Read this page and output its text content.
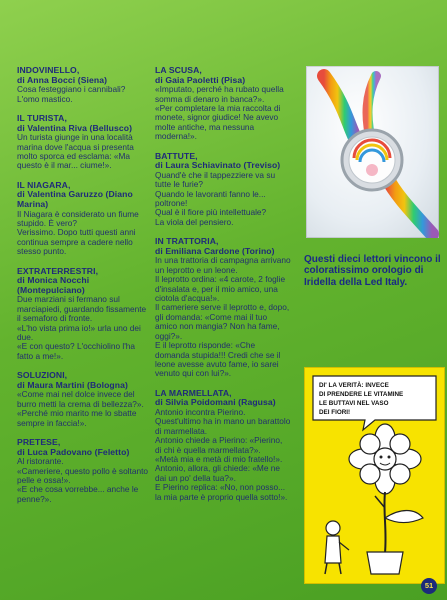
INDOVINELLO,
di Anna Bocci (Siena)

Cosa festeggiano i cannibali? L'omo mastico.

IL TURISTA,
di Valentina Riva (Bellusco)

Un turista giunge in una località marina dove l'acqua si presenta molto sporca ed esclama: «Ma questo è il mar... ciume!».

IL NIAGARA,
di Valentina Garuzzo (Diano Marina)

Il Niagara è considerato un fiume stupido. È vero?

Verissimo. Dopo tutti questi anni continua sempre a cadere nello stesso punto.

EXTRATERRESTRI,
di Monica Nocchi (Montepulciano)

Due marziani si fermano sul marciapiedi, guardando fissamente il semaforo di fronte.

«L'ho vista prima io!» urla uno dei due.

«E con questo? L'occhiolino l'ha fatto a me!».

SOLUZIONI,
di Maura Martini (Bologna)

«Come mai nel dolce invece del burro metti la crema di bellezza?».

«Perché mio marito me lo sbatte sempre in faccia!».

PRETESE,
di Luca Padovano (Feletto)

Al ristorante.

«Cameriere, questo pollo è soltanto pelle e ossa!».

«E che cosa vorrebbe... anche le penne?».

LA SCUSA,
di Gaia Paoletti (Pisa)

«Imputato, perché ha rubato quella somma di denaro in banca?».

«Per completare la mia raccolta di monete, signor giudice! Ne avevo molte antiche, ma nessuna moderna!».

BATTUTE,
di Laura Schiavinato (Treviso)

Quand'è che il tappezziere va su tutte le furie?

Quando le lavoranti fanno le... poltrone!

Qual è il fiore più intellettuale?

La viola del pensiero.

IN TRATTORIA,
di Emiliana Cardone (Torino)

In una trattoria di campagna arrivano un leprotto e un leone.

Il leprotto ordina: «4 carote, 2 foglie d'insalata e, per il mio amico, una ciotola d'acqua!».

Il cameriere serve il leprotto e, dopo, gli domanda: «Come mai il tuo amico non mangia? Non ha fame, oggi?».

E il leprotto risponde: «Che domanda stupida!!! Credi che se il leone avesse avuto fame, io sarei venuto qui con lui?».

LA MARMELLATA,
di Silvia Poidomani (Ragusa)

Antonio incontra Pierino. Quest'ultimo ha in mano un barattolo di marmellata.

Antonio chiede a Pierino: «Pierino, di chi è quella marmellata?».

«Metà mia e metà di mio fratello!».

Antonio, allora, gli chiede: «Me ne dai un po' della tua?».

E Pierino replica: «No, non posso... la mia parte è proprio quella sotto!».

Questi dieci lettori vincono il coloratissimo orologio di Iridella della Led Italy.
DI' LA VERITÀ: INVECE
DI PRENDERE LE VITAMINE
LE BUTTAVI NEL VASO
DEI FIORI!
51
